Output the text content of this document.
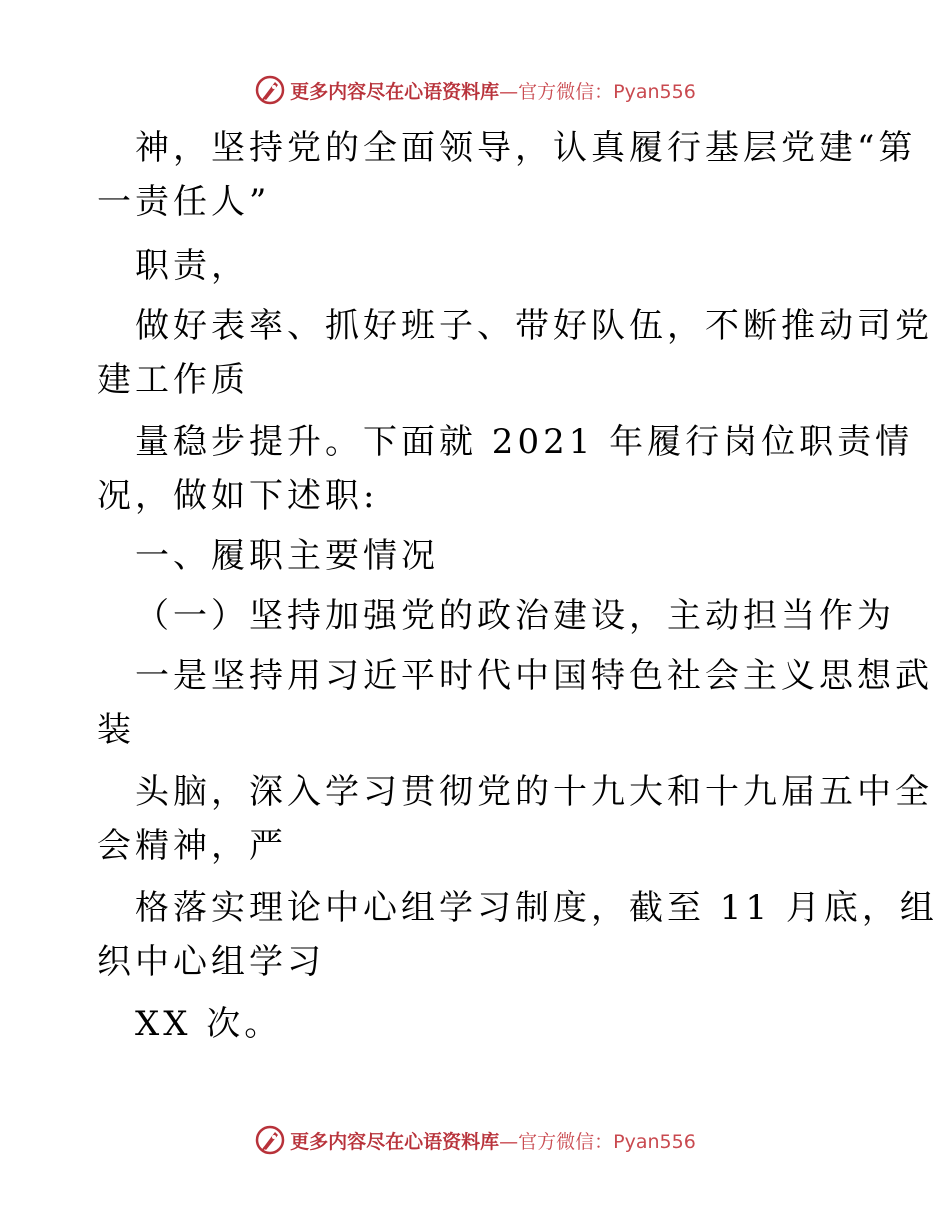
更多内容尽在心语资料库 —官方微信：Pyan556
神，坚持党的全面领导，认真履行基层党建“第
一责任人”
职责，
做好表率、抓好班子、带好队伍，不断推动司党
建工作质
量稳步提升。下面就 2021 年履行岗位职责情
况，做如下述职:
一、履职主要情况
（一）坚持加强党的政治建设，主动担当作为
一是坚持用习近平时代中国特色社会主义思想武
装
头脑，深入学习贯彻党的十九大和十九届五中全
会精神，严
格落实理论中心组学习制度，截至 11 月底，组
织中心组学习
XX 次。
更多内容尽在心语资料库 —官方微信：Pyan556
